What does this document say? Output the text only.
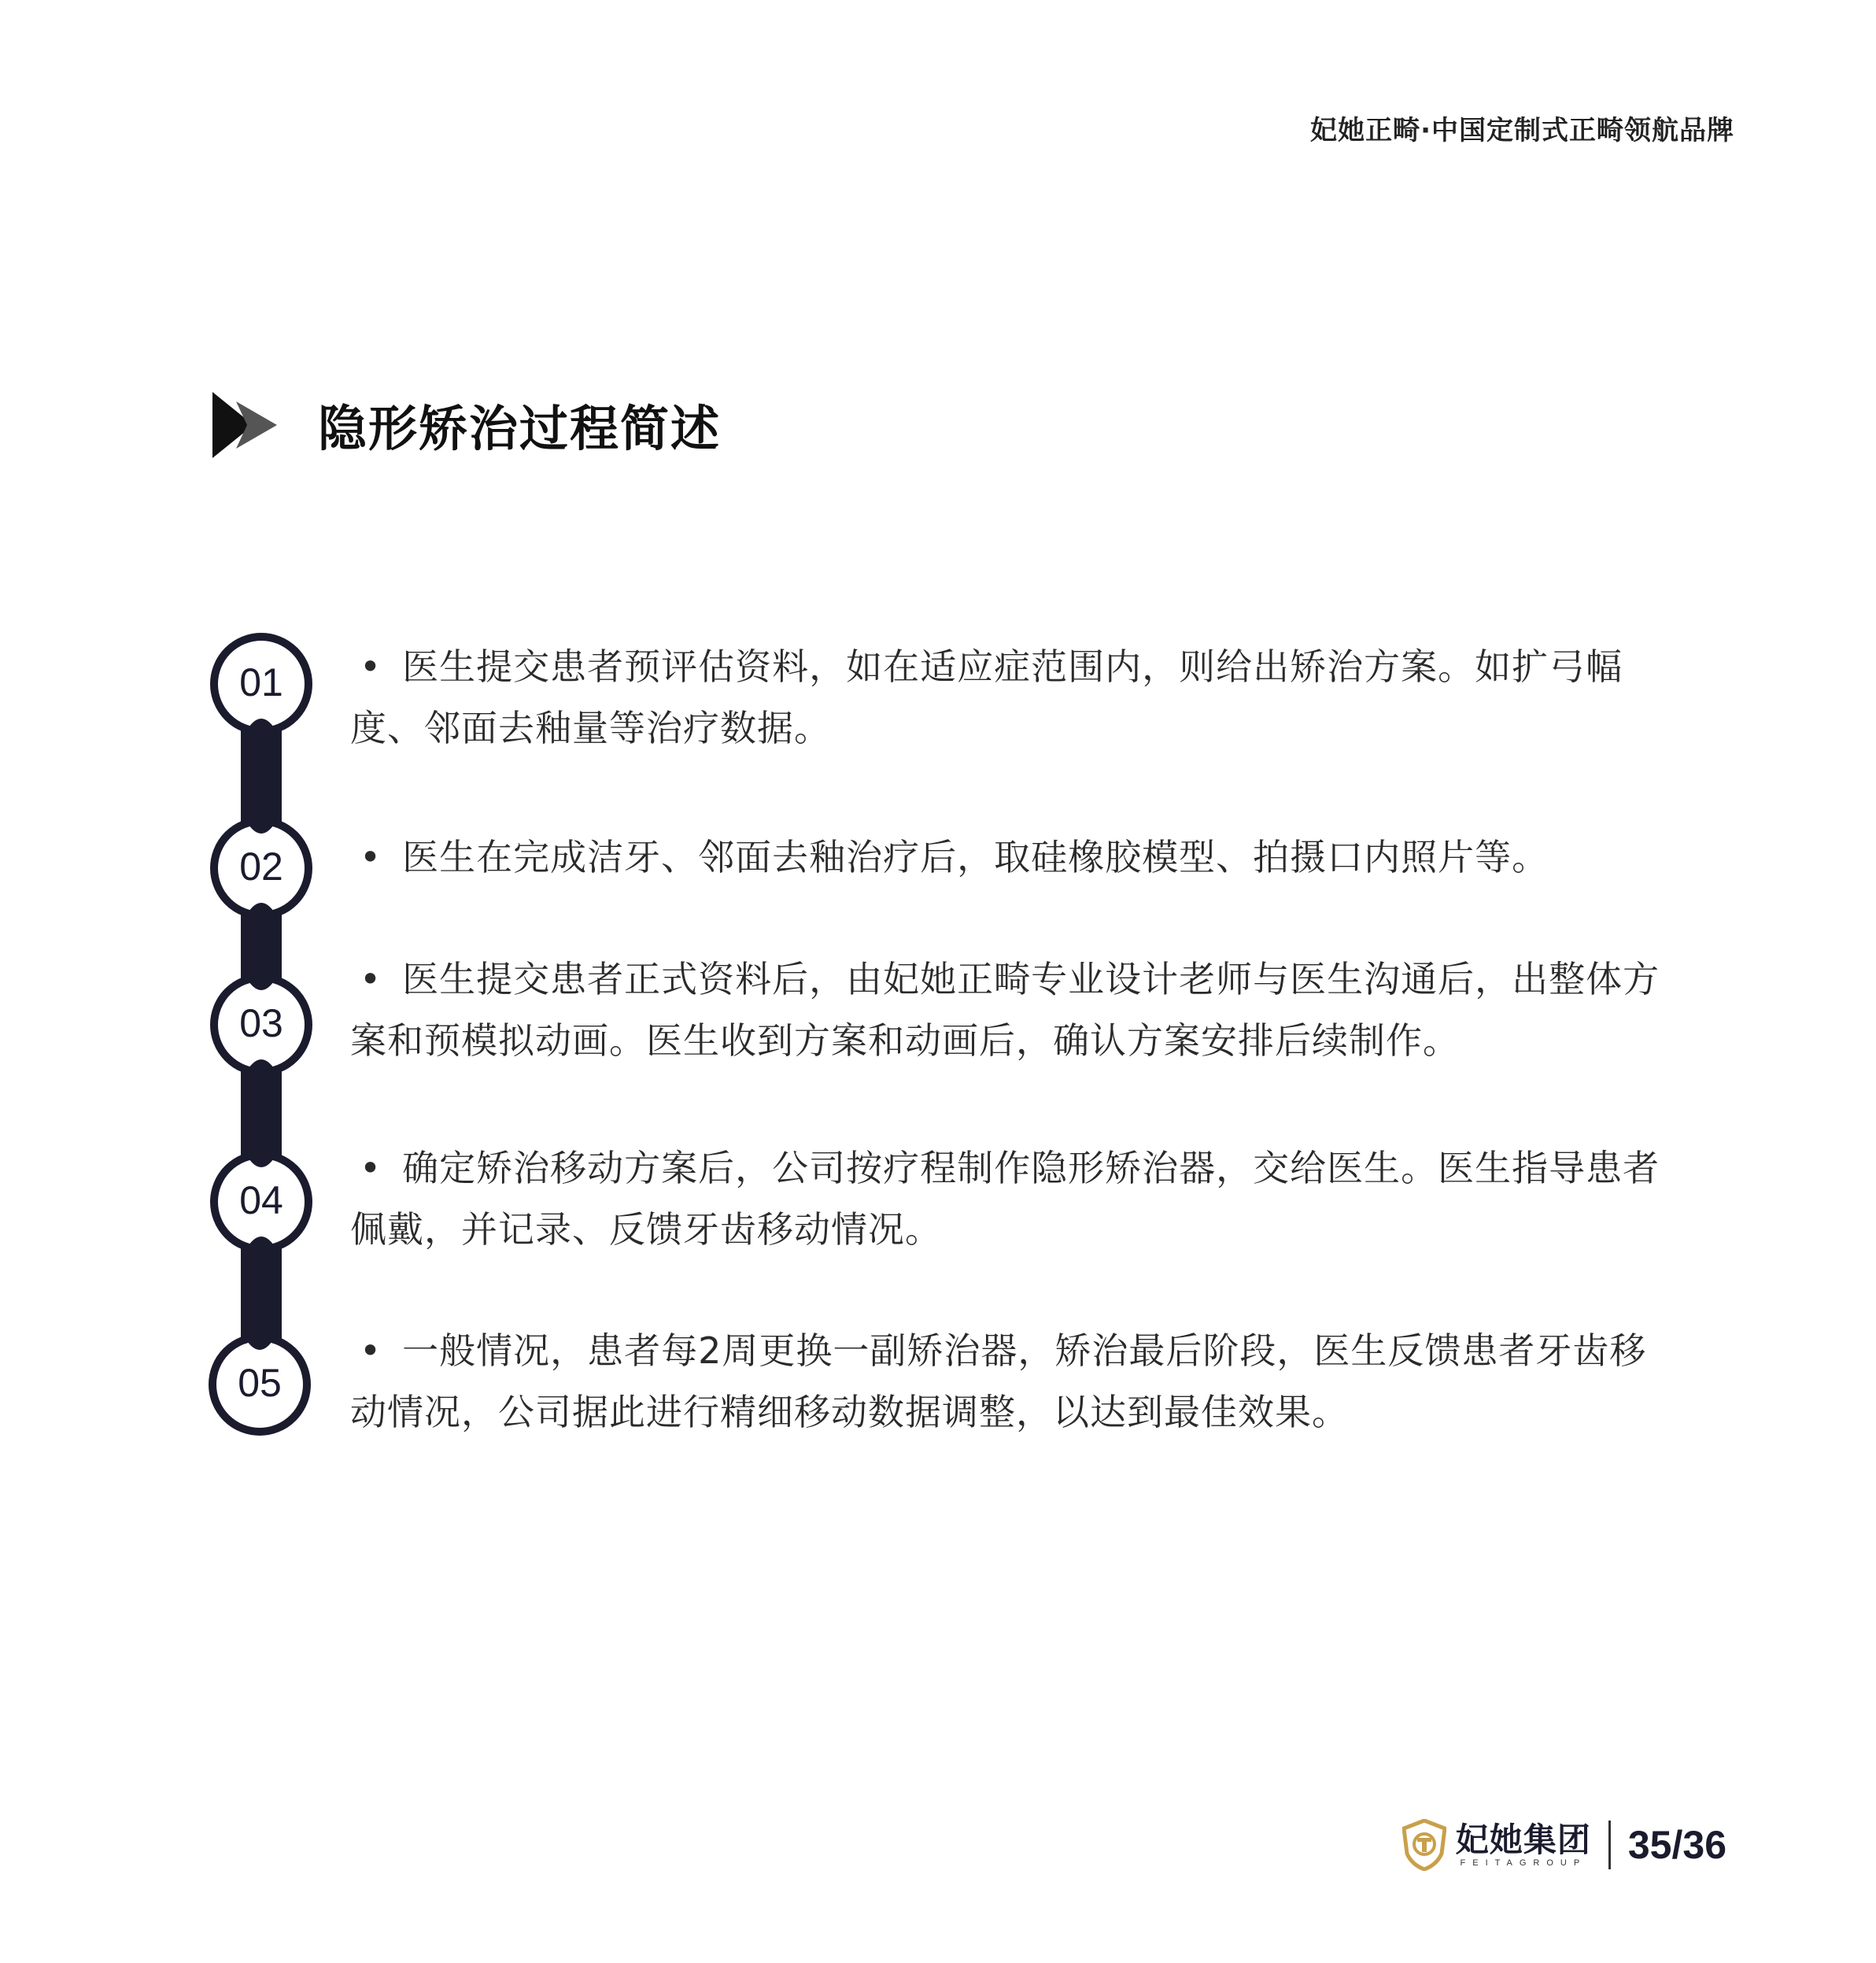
妃她正畸·中国定制式正畸领航品牌
隐形矫治过程简述
01
02
03
04
05
• 医生提交患者预评估资料，如在适应症范围内，则给出矫治方案。如扩弓幅度、邻面去釉量等治疗数据。
• 医生在完成洁牙、邻面去釉治疗后，取硅橡胶模型、拍摄口内照片等。
• 医生提交患者正式资料后，由妃她正畸专业设计老师与医生沟通后，出整体方案和预模拟动画。医生收到方案和动画后，确认方案安排后续制作。
• 确定矫治移动方案后，公司按疗程制作隐形矫治器，交给医生。医生指导患者佩戴，并记录、反馈牙齿移动情况。
• 一般情况，患者每2周更换一副矫治器，矫治最后阶段，医生反馈患者牙齿移动情况，公司据此进行精细移动数据调整，以达到最佳效果。
妃她集团
FEITAGROUP 35/36
